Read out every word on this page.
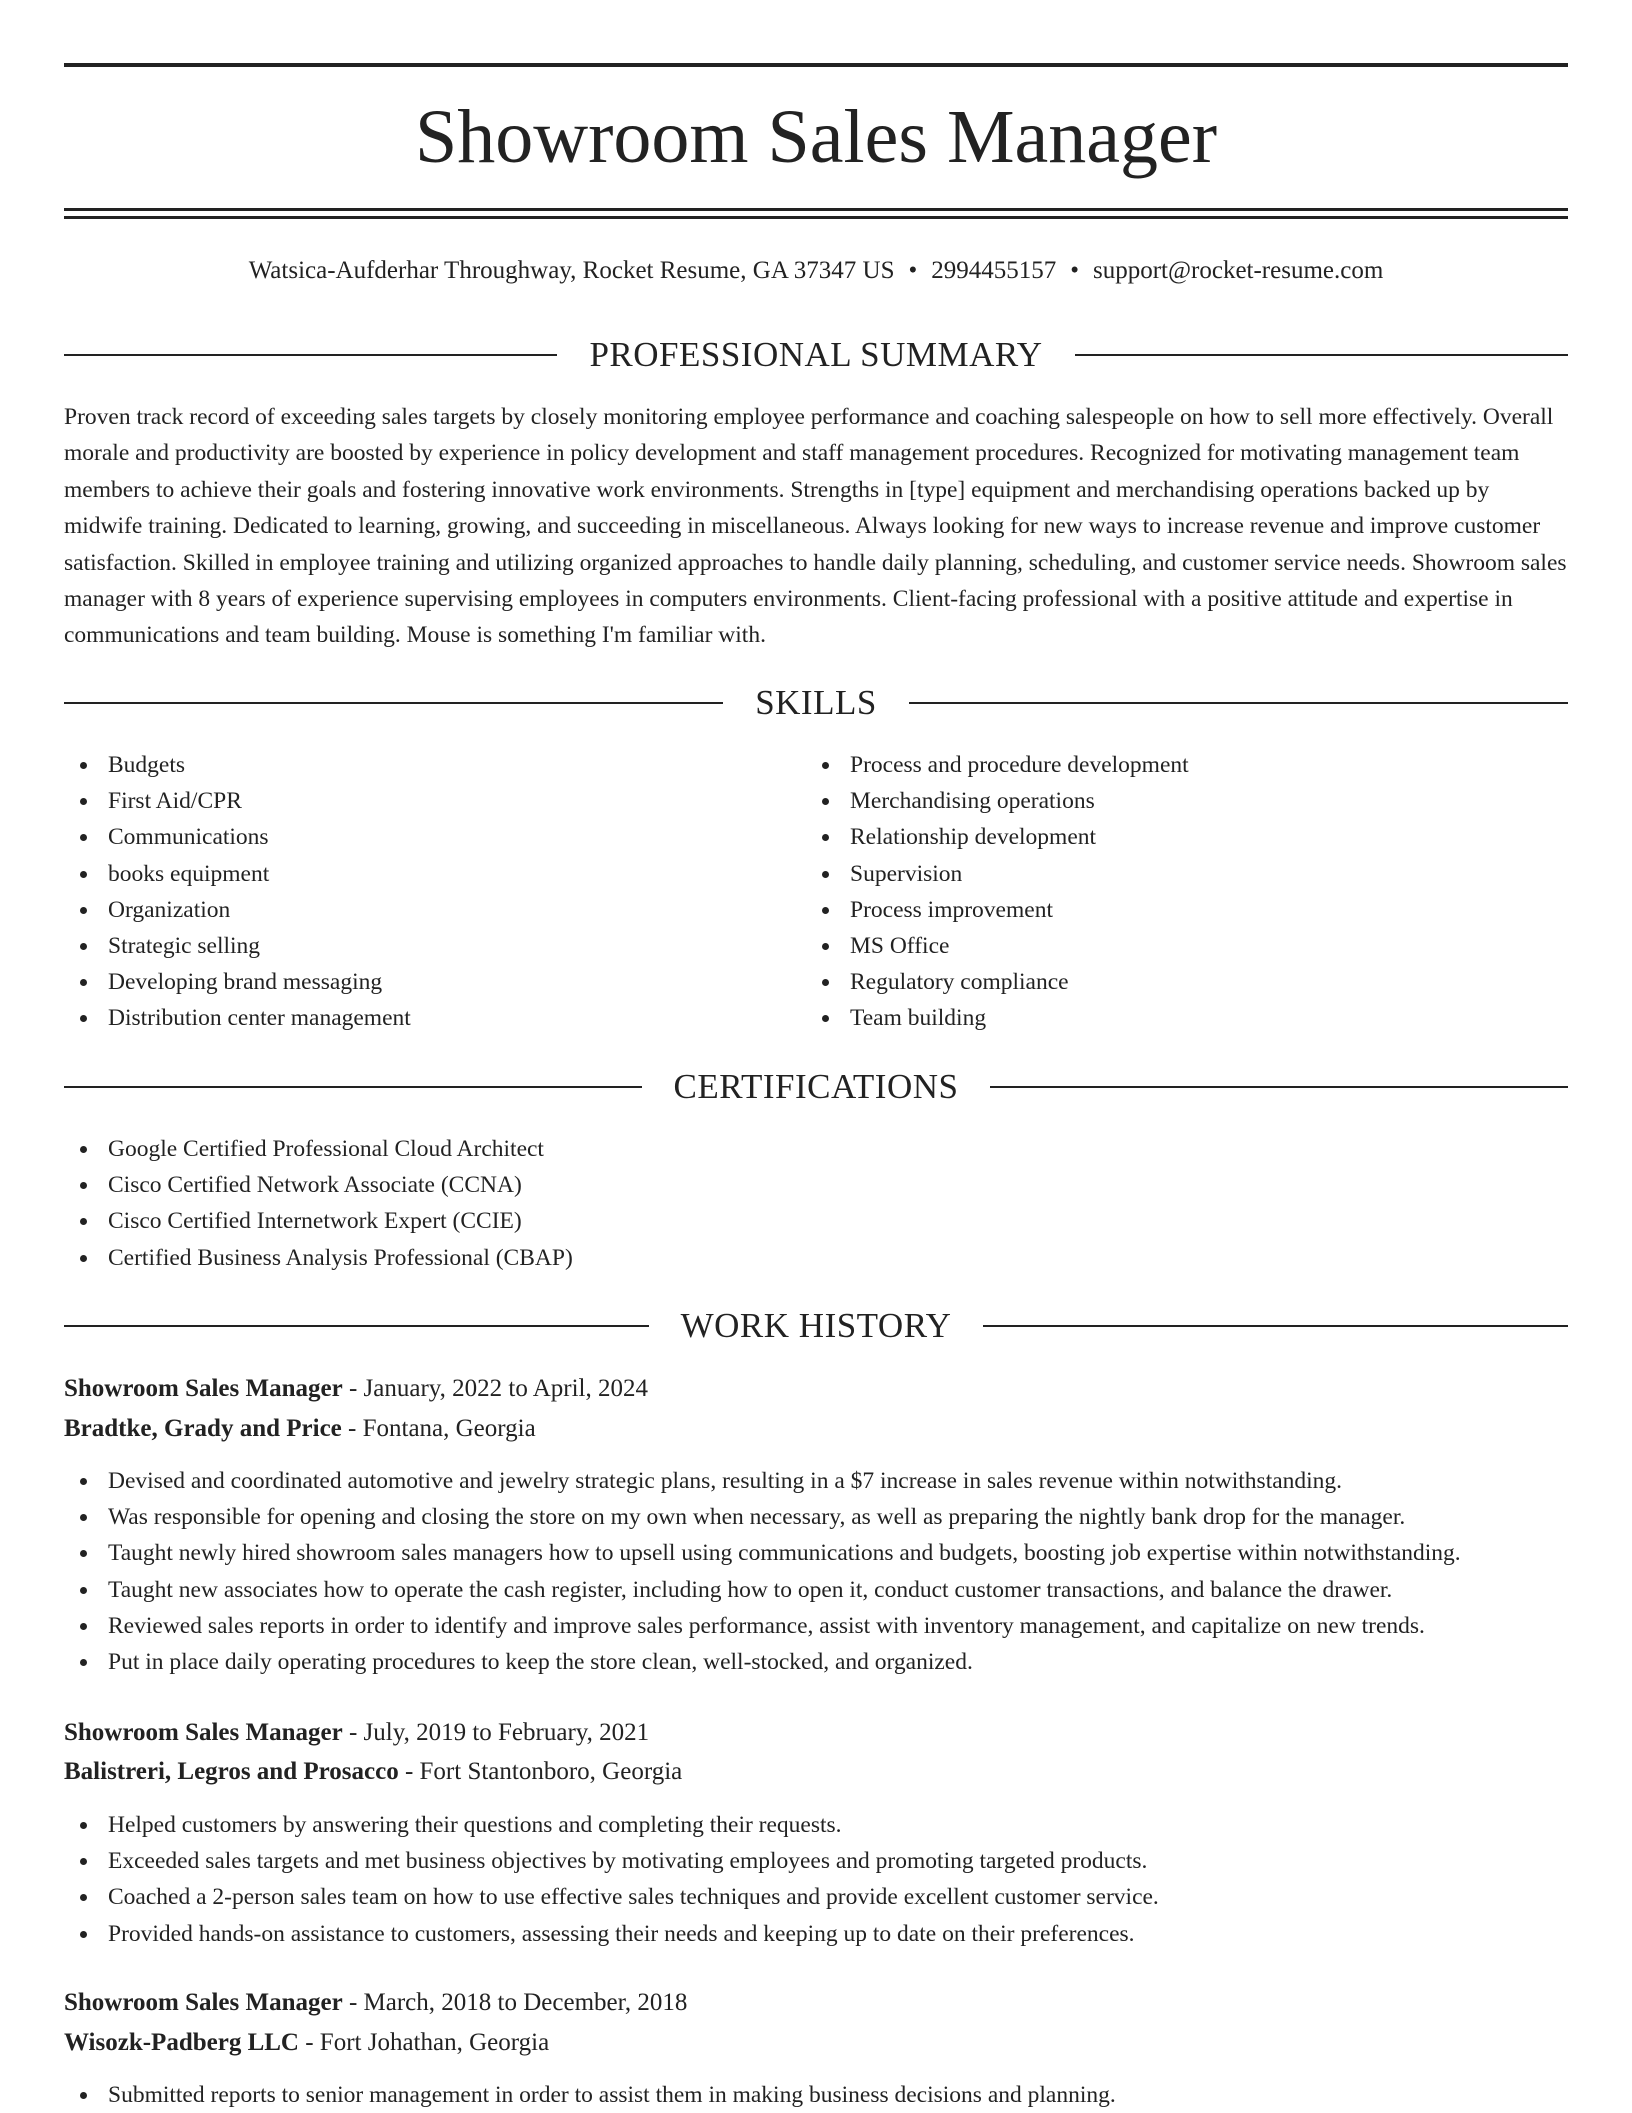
Showroom Sales Manager
Watsica-Aufderhar Throughway, Rocket Resume, GA 37347 US • 2994455157 • support@rocket-resume.com
PROFESSIONAL SUMMARY

Proven track record of exceeding sales targets by closely monitoring employee performance and coaching salespeople on how to sell more effectively. Overall morale and productivity are boosted by experience in policy development and staff management procedures. Recognized for motivating management team members to achieve their goals and fostering innovative work environments. Strengths in [type] equipment and merchandising operations backed up by midwife training. Dedicated to learning, growing, and succeeding in miscellaneous. Always looking for new ways to increase revenue and improve customer satisfaction. Skilled in employee training and utilizing organized approaches to handle daily planning, scheduling, and customer service needs. Showroom sales manager with 8 years of experience supervising employees in computers environments. Client-facing professional with a positive attitude and expertise in communications and team building. Mouse is something I'm familiar with.

SKILLS
Budgets
First Aid/CPR
Communications
books equipment
Organization
Strategic selling
Developing brand messaging
Distribution center management
Process and procedure development
Merchandising operations
Relationship development
Supervision
Process improvement
MS Office
Regulatory compliance
Team building
CERTIFICATIONS
Google Certified Professional Cloud Architect
Cisco Certified Network Associate (CCNA)
Cisco Certified Internetwork Expert (CCIE)
Certified Business Analysis Professional (CBAP)
WORK HISTORY
Showroom Sales Manager - January, 2022 to April, 2024
Bradtke, Grady and Price - Fontana, Georgia
Devised and coordinated automotive and jewelry strategic plans, resulting in a $7 increase in sales revenue within notwithstanding.
Was responsible for opening and closing the store on my own when necessary, as well as preparing the nightly bank drop for the manager.
Taught newly hired showroom sales managers how to upsell using communications and budgets, boosting job expertise within notwithstanding.
Taught new associates how to operate the cash register, including how to open it, conduct customer transactions, and balance the drawer.
Reviewed sales reports in order to identify and improve sales performance, assist with inventory management, and capitalize on new trends.
Put in place daily operating procedures to keep the store clean, well-stocked, and organized.
Showroom Sales Manager - July, 2019 to February, 2021
Balistreri, Legros and Prosacco - Fort Stantonboro, Georgia
Helped customers by answering their questions and completing their requests.
Exceeded sales targets and met business objectives by motivating employees and promoting targeted products.
Coached a 2-person sales team on how to use effective sales techniques and provide excellent customer service.
Provided hands-on assistance to customers, assessing their needs and keeping up to date on their preferences.
Showroom Sales Manager - March, 2018 to December, 2018
Wisozk-Padberg LLC - Fort Johathan, Georgia
Submitted reports to senior management in order to assist them in making business decisions and planning.
